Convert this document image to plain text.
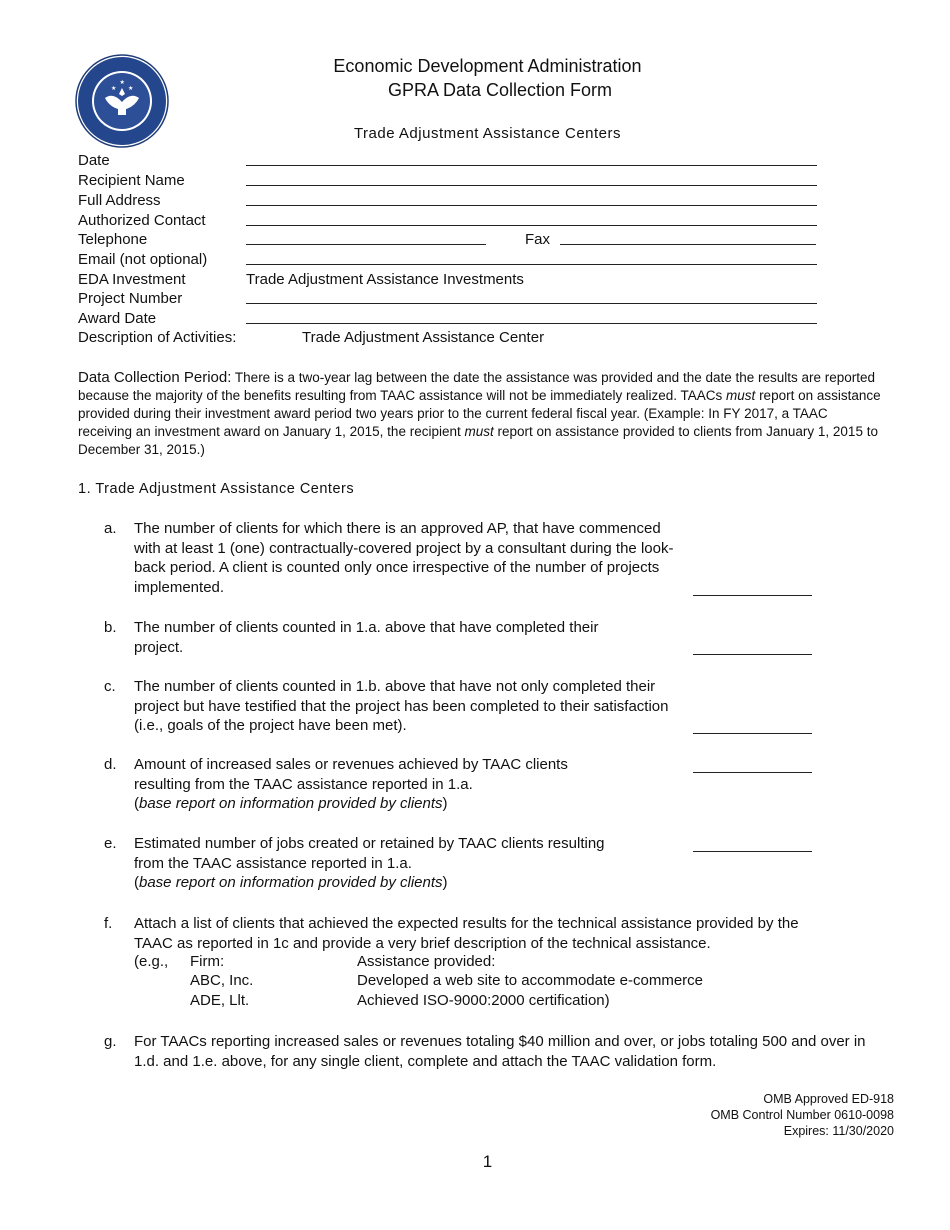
★ ★
★
Economic Development Administration
GPRA Data Collection Form
Trade Adjustment Assistance Centers
Date
Recipient Name
Full Address
Authorized Contact
Telephone	Fax
Email (not optional)
EDA Investment	Trade Adjustment Assistance Investments
Project Number
Award Date
Description of Activities:	Trade Adjustment Assistance Center
Data Collection Period: There is a two-year lag between the date the assistance was provided and the date the results are reported because the majority of the benefits resulting from TAAC assistance will not be immediately realized. TAACs must report on assistance provided during their investment award period two years prior to the current federal fiscal year. (Example: In FY 2017, a TAAC receiving an investment award on January 1, 2015, the recipient must report on assistance provided to clients from January 1, 2015 to December 31, 2015.)
1. Trade Adjustment Assistance Centers
a. The number of clients for which there is an approved AP, that have commenced with at least 1 (one) contractually-covered project by a consultant during the look-back period. A client is counted only once irrespective of the number of projects implemented.
b. The number of clients counted in 1.a. above that have completed their project.
c. The number of clients counted in 1.b. above that have not only completed their project but have testified that the project has been completed to their satisfaction (i.e., goals of the project have been met).
d. Amount of increased sales or revenues achieved by TAAC clients resulting from the TAAC assistance reported in 1.a.
(base report on information provided by clients)
e. Estimated number of jobs created or retained by TAAC clients resulting from the TAAC assistance reported in 1.a.
(base report on information provided by clients)
f. Attach a list of clients that achieved the expected results for the technical assistance provided by the TAAC as reported in 1c and provide a very brief description of the technical assistance.
(e.g., Firm:	Assistance provided:
ABC, Inc.	Developed a web site to accommodate e-commerce
ADE, Llt.	Achieved ISO-9000:2000 certification)
g. For TAACs reporting increased sales or revenues totaling $40 million and over, or jobs totaling 500 and over in 1.d. and 1.e. above, for any single client, complete and attach the TAAC validation form.
OMB Approved ED-918
OMB Control Number 0610-0098
Expires: 11/30/2020
1
